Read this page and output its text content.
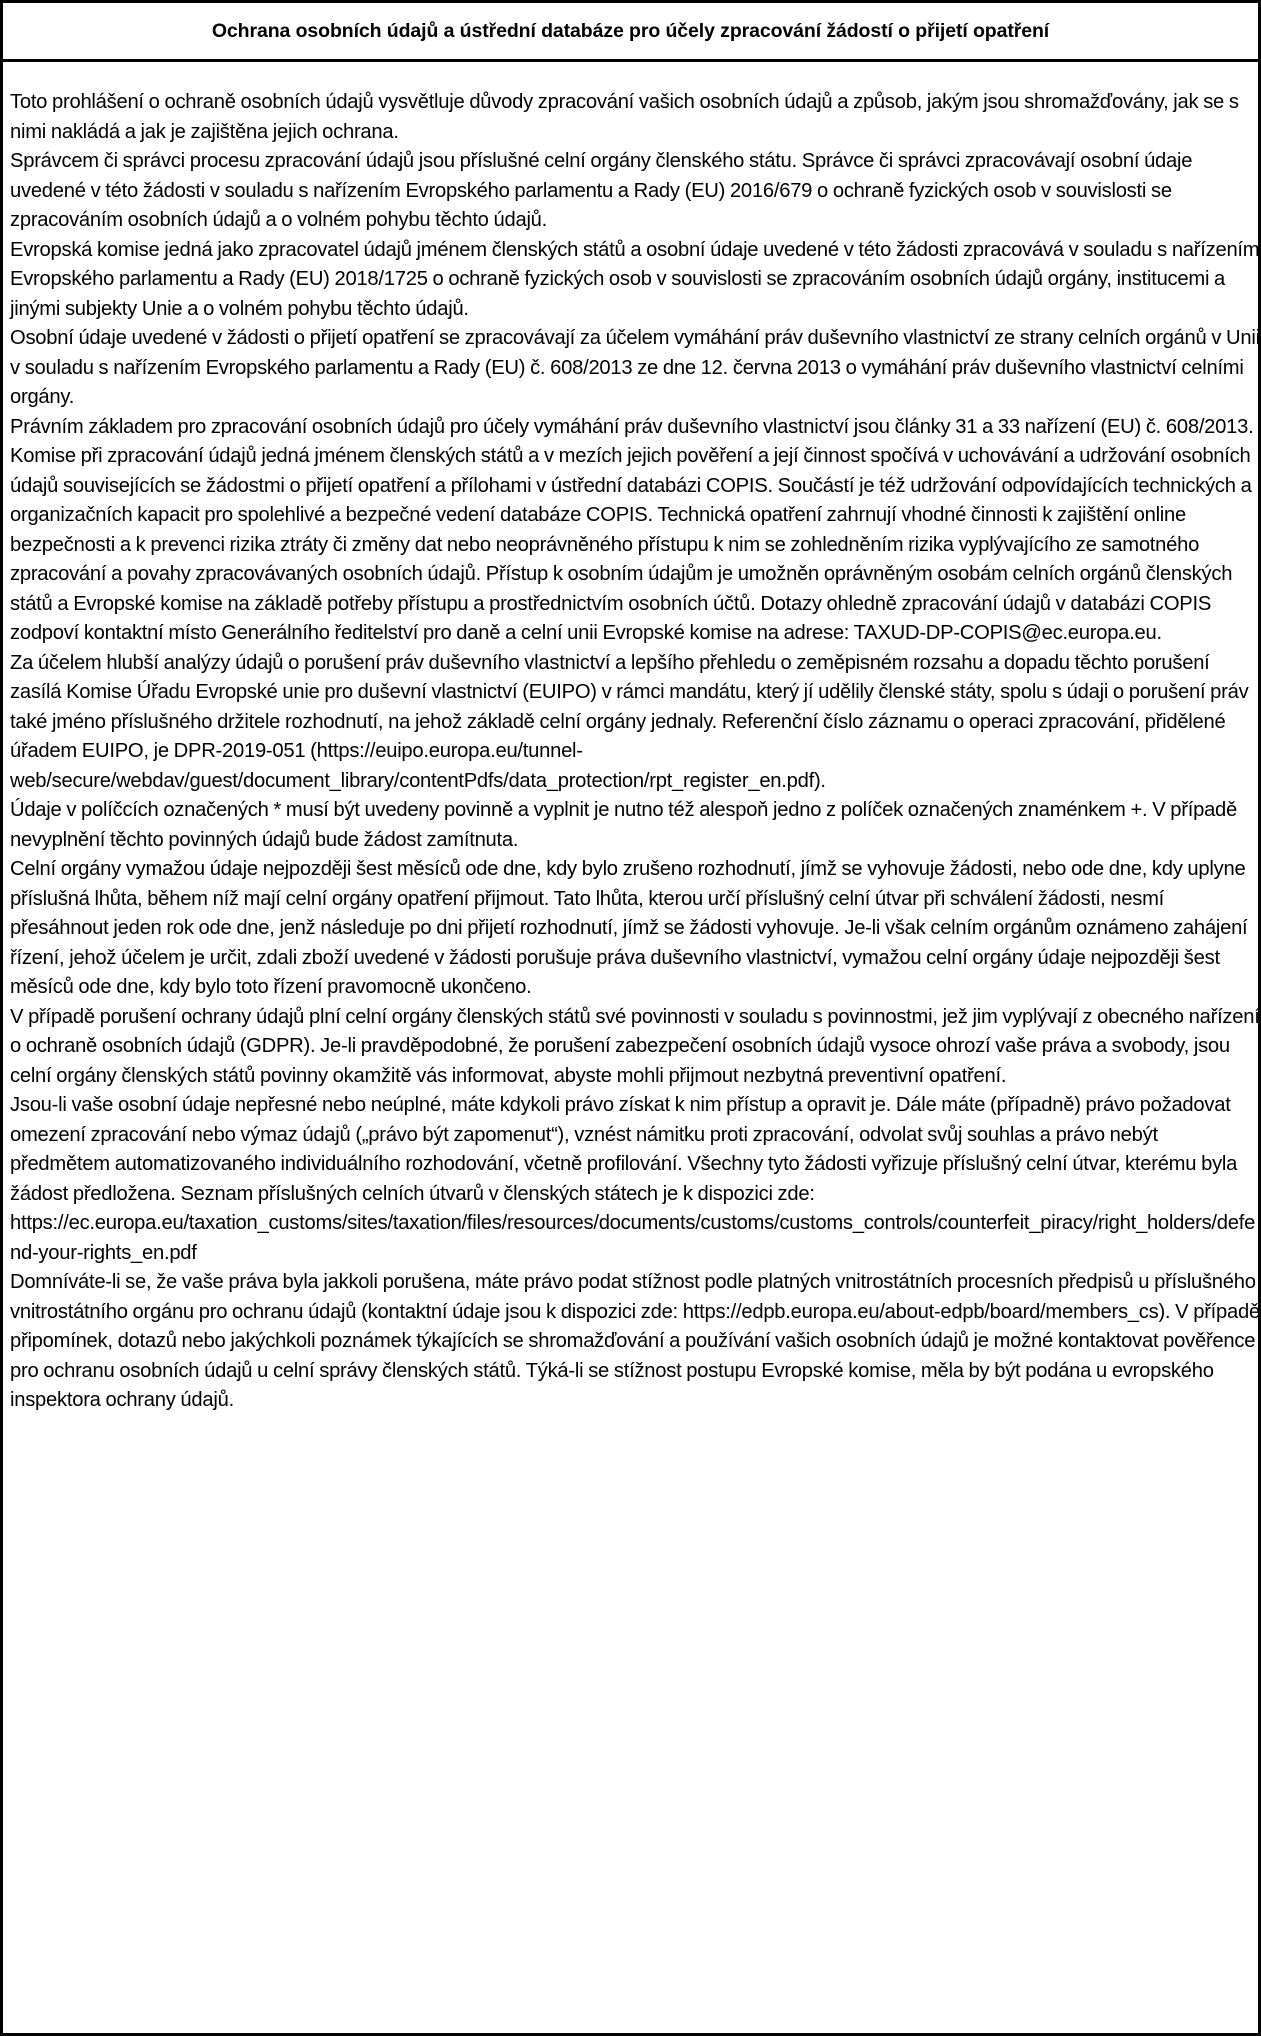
Ochrana osobních údajů a ústřední databáze pro účely zpracování žádostí o přijetí opatření

Toto prohlášení o ochraně osobních údajů vysvětluje důvody zpracování vašich osobních údajů a způsob, jakým jsou shromažďovány, jak se s nimi nakládá a jak je zajištěna jejich ochrana.

Správcem či správci procesu zpracování údajů jsou příslušné celní orgány členského státu. Správce či správci zpracovávají osobní údaje uvedené v této žádosti v souladu s nařízením Evropského parlamentu a Rady (EU) 2016/679 o ochraně fyzických osob v souvislosti se zpracováním osobních údajů a o volném pohybu těchto údajů.

Evropská komise jedná jako zpracovatel údajů jménem členských států a osobní údaje uvedené v této žádosti zpracovává v souladu s nařízením Evropského parlamentu a Rady (EU) 2018/1725 o ochraně fyzických osob v souvislosti se zpracováním osobních údajů orgány, institucemi a jinými subjekty Unie a o volném pohybu těchto údajů.

Osobní údaje uvedené v žádosti o přijetí opatření se zpracovávají za účelem vymáhání práv duševního vlastnictví ze strany celních orgánů v Unii v souladu s nařízením Evropského parlamentu a Rady (EU) č. 608/2013 ze dne 12. června 2013 o vymáhání práv duševního vlastnictví celními orgány.

Právním základem pro zpracování osobních údajů pro účely vymáhání práv duševního vlastnictví jsou články 31 a 33 nařízení (EU) č. 608/2013.

Komise při zpracování údajů jedná jménem členských států a v mezích jejich pověření a její činnost spočívá v uchovávání a udržování osobních údajů souvisejících se žádostmi o přijetí opatření a přílohami v ústřední databázi COPIS. Součástí je též udržování odpovídajících technických a organizačních kapacit pro spolehlivé a bezpečné vedení databáze COPIS. Technická opatření zahrnují vhodné činnosti k zajištění online bezpečnosti a k prevenci rizika ztráty či změny dat nebo neoprávněného přístupu k nim se zohledněním rizika vyplývajícího ze samotného zpracování a povahy zpracovávaných osobních údajů. Přístup k osobním údajům je umožněn oprávněným osobám celních orgánů členských států a Evropské komise na základě potřeby přístupu a prostřednictvím osobních účtů. Dotazy ohledně zpracování údajů v databázi COPIS zodpoví kontaktní místo Generálního ředitelství pro daně a celní unii Evropské komise na adrese: TAXUD-DP-COPIS@ec.europa.eu.

Za účelem hlubší analýzy údajů o porušení práv duševního vlastnictví a lepšího přehledu o zeměpisném rozsahu a dopadu těchto porušení zasílá Komise Úřadu Evropské unie pro duševní vlastnictví (EUIPO) v rámci mandátu, který jí udělily členské státy, spolu s údaji o porušení práv také jméno příslušného držitele rozhodnutí, na jehož základě celní orgány jednaly. Referenční číslo záznamu o operaci zpracování, přidělené úřadem EUIPO, je DPR-2019-051 (https://euipo.europa.eu/tunnel-web/secure/webdav/guest/document_library/contentPdfs/data_protection/rpt_register_en.pdf).

Údaje v políčcích označených * musí být uvedeny povinně a vyplnit je nutno též alespoň jedno z políček označených znaménkem +. V případě nevyplnění těchto povinných údajů bude žádost zamítnuta.

Celní orgány vymažou údaje nejpozději šest měsíců ode dne, kdy bylo zrušeno rozhodnutí, jímž se vyhovuje žádosti, nebo ode dne, kdy uplyne příslušná lhůta, během níž mají celní orgány opatření přijmout. Tato lhůta, kterou určí příslušný celní útvar při schválení žádosti, nesmí přesáhnout jeden rok ode dne, jenž následuje po dni přijetí rozhodnutí, jímž se žádosti vyhovuje. Je-li však celním orgánům oznámeno zahájení řízení, jehož účelem je určit, zdali zboží uvedené v žádosti porušuje práva duševního vlastnictví, vymažou celní orgány údaje nejpozději šest měsíců ode dne, kdy bylo toto řízení pravomocně ukončeno.

V případě porušení ochrany údajů plní celní orgány členských států své povinnosti v souladu s povinnostmi, jež jim vyplývají z obecného nařízení o ochraně osobních údajů (GDPR). Je-li pravděpodobné, že porušení zabezpečení osobních údajů vysoce ohrozí vaše práva a svobody, jsou celní orgány členských států povinny okamžitě vás informovat, abyste mohli přijmout nezbytná preventivní opatření.

Jsou-li vaše osobní údaje nepřesné nebo neúplné, máte kdykoli právo získat k nim přístup a opravit je. Dále máte (případně) právo požadovat omezení zpracování nebo výmaz údajů („právo být zapomenut“), vznést námitku proti zpracování, odvolat svůj souhlas a právo nebýt předmětem automatizovaného individuálního rozhodování, včetně profilování. Všechny tyto žádosti vyřizuje příslušný celní útvar, kterému byla žádost předložena. Seznam příslušných celních útvarů v členských státech je k dispozici zde: https://ec.europa.eu/taxation_customs/sites/taxation/files/resources/documents/customs/customs_controls/counterfeit_piracy/right_holders/defend-your-rights_en.pdf

Domníváte-li se, že vaše práva byla jakkoli porušena, máte právo podat stížnost podle platných vnitrostátních procesních předpisů u příslušného vnitrostátního orgánu pro ochranu údajů (kontaktní údaje jsou k dispozici zde: https://edpb.europa.eu/about-edpb/board/members_cs). V případě připomínek, dotazů nebo jakýchkoli poznámek týkajících se shromažďování a používání vašich osobních údajů je možné kontaktovat pověřence pro ochranu osobních údajů u celní správy členských států. Týká-li se stížnost postupu Evropské komise, měla by být podána u evropského inspektora ochrany údajů.
